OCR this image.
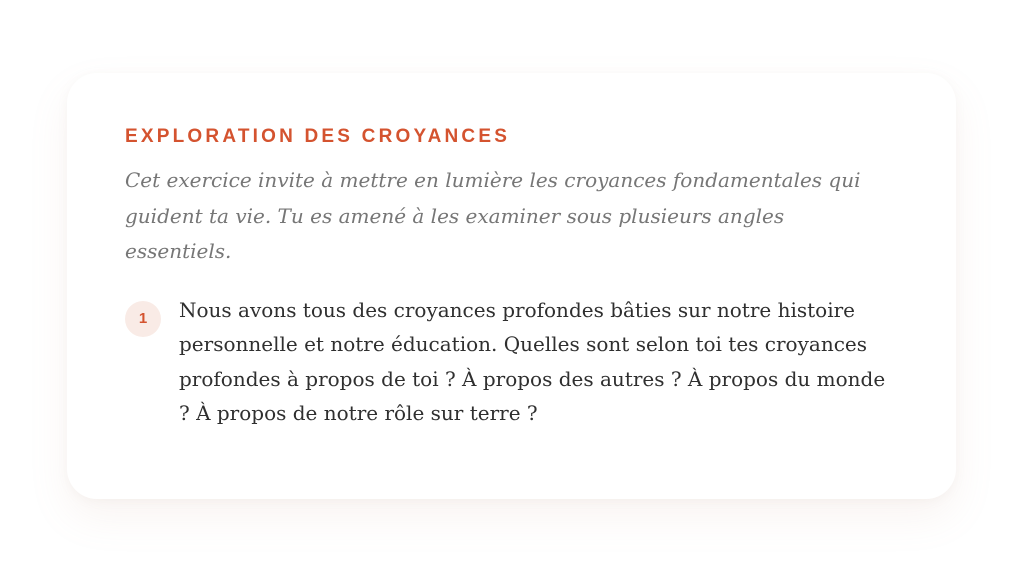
EXPLORATION DES CROYANCES

Cet exercice invite à mettre en lumière les croyances fondamentales qui guident ta vie. Tu es amené à les examiner sous plusieurs angles essentiels.

1	Nous avons tous des croyances profondes bâties sur notre histoire personnelle et notre éducation. Quelles sont selon toi tes croyances profondes à propos de toi ? À propos des autres ? À propos du monde ? À propos de notre rôle sur terre ?
